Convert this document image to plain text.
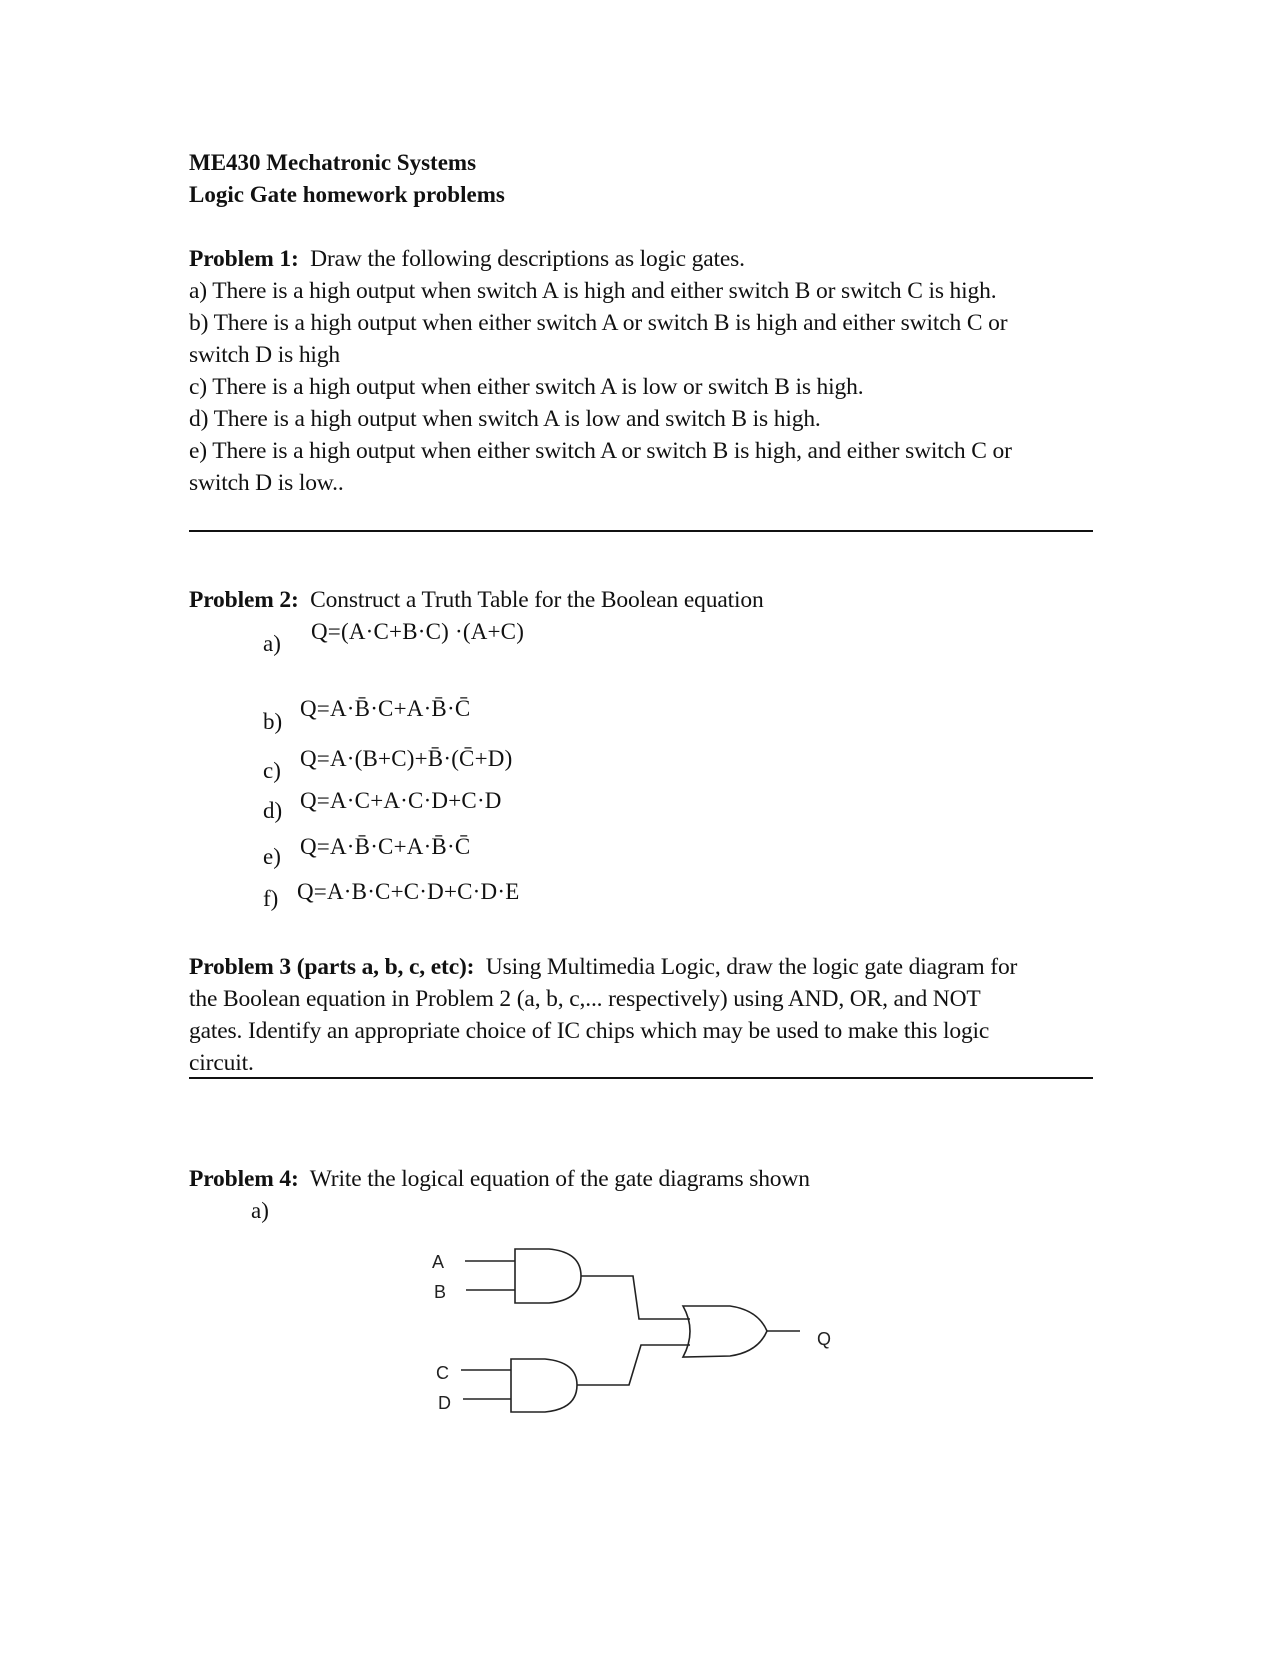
ME430 Mechatronic Systems
Logic Gate homework problems
Problem 1: Draw the following descriptions as logic gates.
a) There is a high output when switch A is high and either switch B or switch C is high.
b) There is a high output when either switch A or switch B is high and either switch C or
switch D is high
c) There is a high output when either switch A is low or switch B is high.
d) There is a high output when switch A is low and switch B is high.
e) There is a high output when either switch A or switch B is high, and either switch C or
switch D is low..
Problem 2: Construct a Truth Table for the Boolean equation
a) Q=(A·C+B·C) ·(A+C)
b)
Q=A·B̄·C+A·B̄·C̄
c) Q=A·(B+C)+B̄·(C̄+D)
d) Q=A·C+A·C·D+C·D
e) Q=A·B̄·C+A·B̄·C̄
f) Q=A·B·C+C·D+C·D·E
Problem 3 (parts a, b, c, etc): Using Multimedia Logic, draw the logic gate diagram for
the Boolean equation in Problem 2 (a, b, c,... respectively) using AND, OR, and NOT
gates. Identify an appropriate choice of IC chips which may be used to make this logic
circuit.
Problem 4: Write the logical equation of the gate diagrams shown
a)
A
B
C
D
Q
